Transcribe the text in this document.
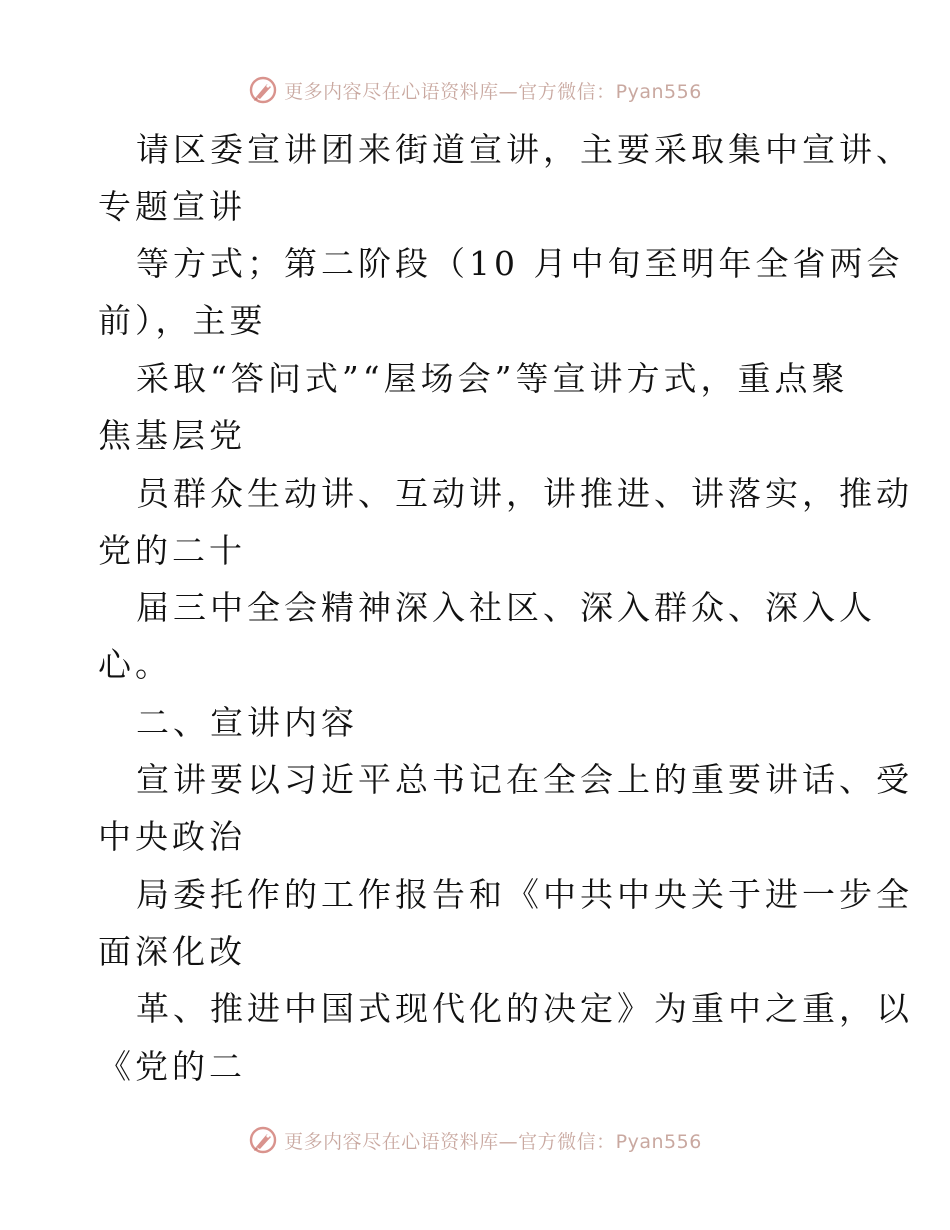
更多内容尽在心语资料库—官方微信：Pyan556
请区委宣讲团来街道宣讲，主要采取集中宣讲、
专题宣讲
等方式；第二阶段（10 月中旬至明年全省两会
前），主要
采取“答问式”“屋场会”等宣讲方式，重点聚
焦基层党
员群众生动讲、互动讲，讲推进、讲落实，推动
党的二十
届三中全会精神深入社区、深入群众、深入人
心。
二、宣讲内容
宣讲要以习近平总书记在全会上的重要讲话、受
中央政治
局委托作的工作报告和《中共中央关于进一步全
面深化改
革、推进中国式现代化的决定》为重中之重，以
《党的二
更多内容尽在心语资料库—官方微信：Pyan556
